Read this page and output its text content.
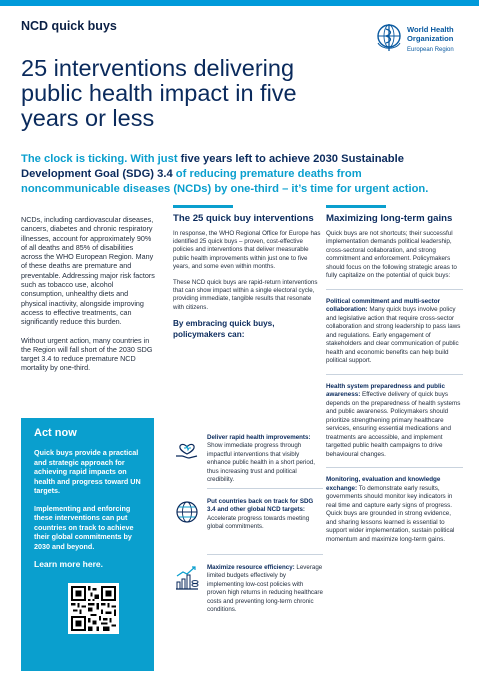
NCD quick buys	World Health
Organization
European Region
25 interventions delivering public health impact in five years or less
The clock is ticking. With just five years left to achieve 2030 Sustainable Development Goal (SDG) 3.4 of reducing premature deaths from noncommunicable diseases (NCDs) by one-third – it’s time for urgent action.

NCDs, including cardiovascular diseases, cancers, diabetes and chronic respiratory illnesses, account for approximately 90% of all deaths and 85% of disabilities across the WHO European Region. Many of these deaths are premature and preventable. Addressing major risk factors such as tobacco use, alcohol consumption, unhealthy diets and physical inactivity, alongside improving access to effective treatments, can significantly reduce this burden.

Without urgent action, many countries in the Region will fall short of the 2030 SDG target 3.4 to reduce premature NCD mortality by one-third.

Act now

Quick buys provide a practical and strategic approach for achieving rapid impacts on health and progress toward UN targets.

Implementing and enforcing these interventions can put countries on track to achieve their global commitments by 2030 and beyond.

Learn more here.
The 25 quick buy interventions

In response, the WHO Regional Office for Europe has identified 25 quick buys – proven, cost-effective policies and interventions that deliver measurable public health improvements within just one to five years, and some even within months.

These NCD quick buys are rapid-return interventions that can show impact within a single electoral cycle, providing immediate, tangible results that resonate with citizens.

By embracing quick buys, policymakers can:
Deliver rapid health improvements: Show immediate progress through impactful interventions that visibly enhance public health in a short period, thus increasing trust and political credibility.
Put countries back on track for SDG 3.4 and other global NCD targets: Accelerate progress towards meeting global commitments.
Maximize resource efficiency: Leverage limited budgets effectively by implementing low-cost policies with proven high returns in reducing healthcare costs and preventing long-term chronic conditions.
Maximizing long-term gains

Quick buys are not shortcuts; their successful implementation demands political leadership, cross-sectoral collaboration, and strong commitment and enforcement. Policymakers should focus on the following strategic areas to fully capitalize on the potential of quick buys:

Political commitment and multi-sector collaboration: Many quick buys involve policy and legislative action that require cross-sector collaboration and strong leadership to pass laws and regulations. Early engagement of stakeholders and clear communication of public health and economic benefits can help build political support.

Health system preparedness and public awareness: Effective delivery of quick buys depends on the preparedness of health systems and public awareness. Policymakers should prioritize strengthening primary healthcare services, ensuring essential medications and treatments are accessible, and implement targetted public health campaigns to drive behavioural changes.

Monitoring, evaluation and knowledge exchange: To demonstrate early results, governments should monitor key indicators in real time and capture early signs of progress. Quick buys are grounded in strong evidence, and sharing lessons learned is essential to support wider implementation, sustain political momentum and maximize long-term gains.
